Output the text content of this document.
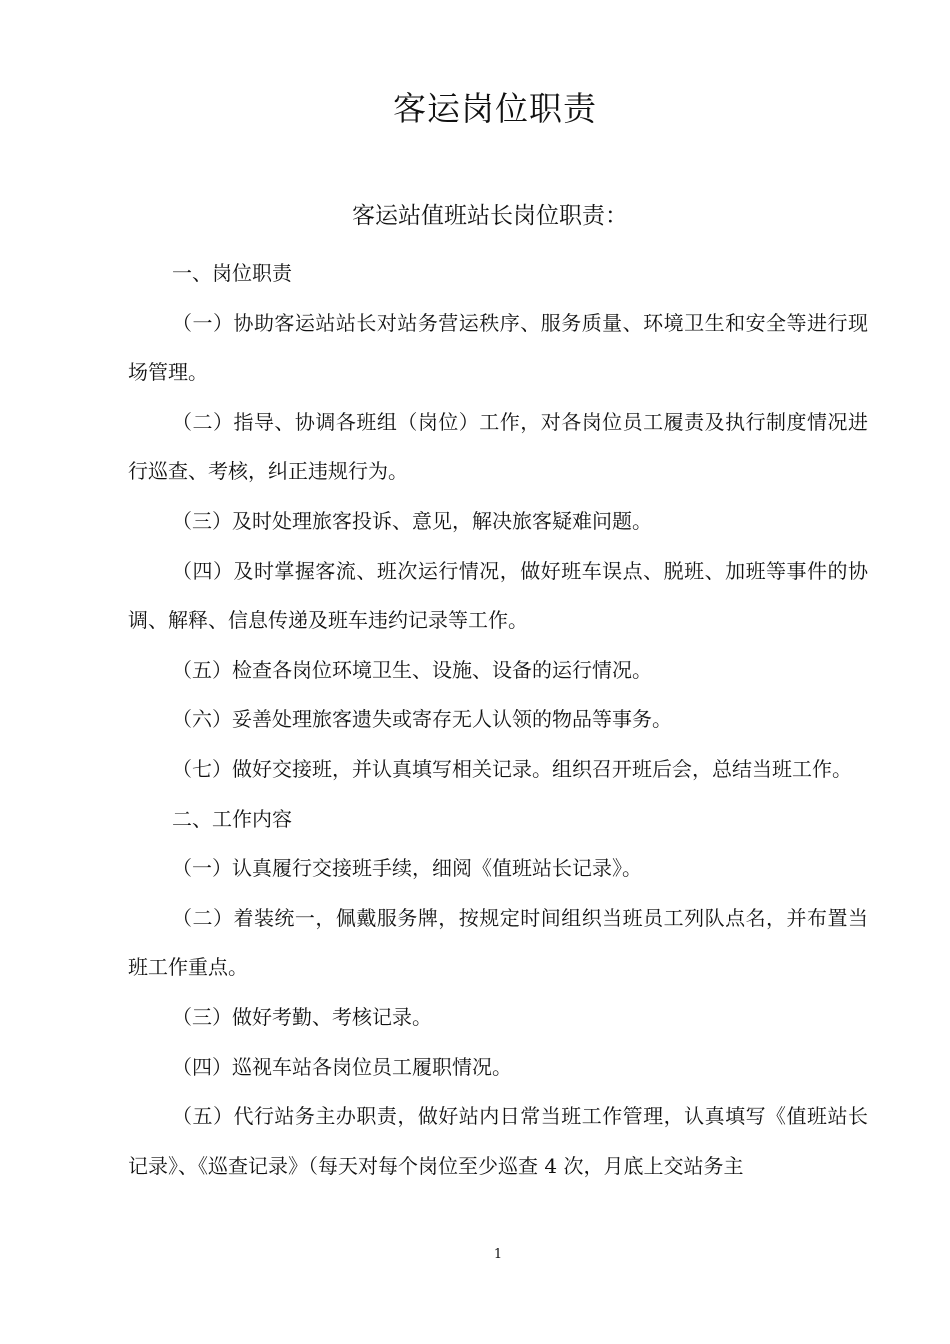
客运岗位职责
客运站值班站长岗位职责：

一、岗位职责

（一）协助客运站站长对站务营运秩序、服务质量、环境卫生和安全等进行现场管理。

（二）指导、协调各班组（岗位）工作，对各岗位员工履责及执行制度情况进行巡查、考核，纠正违规行为。

（三）及时处理旅客投诉、意见，解决旅客疑难问题。

（四）及时掌握客流、班次运行情况，做好班车误点、脱班、加班等事件的协调、解释、信息传递及班车违约记录等工作。

（五）检查各岗位环境卫生、设施、设备的运行情况。

（六）妥善处理旅客遗失或寄存无人认领的物品等事务。

（七）做好交接班，并认真填写相关记录。组织召开班后会，总结当班工作。

二、工作内容

（一）认真履行交接班手续，细阅《值班站长记录》。

（二）着装统一，佩戴服务牌，按规定时间组织当班员工列队点名，并布置当班工作重点。

（三）做好考勤、考核记录。

（四）巡视车站各岗位员工履职情况。

（五）代行站务主办职责，做好站内日常当班工作管理，认真填写《值班站长记录》、《巡查记录》（每天对每个岗位至少巡查 4 次，月底上交站务主

1
